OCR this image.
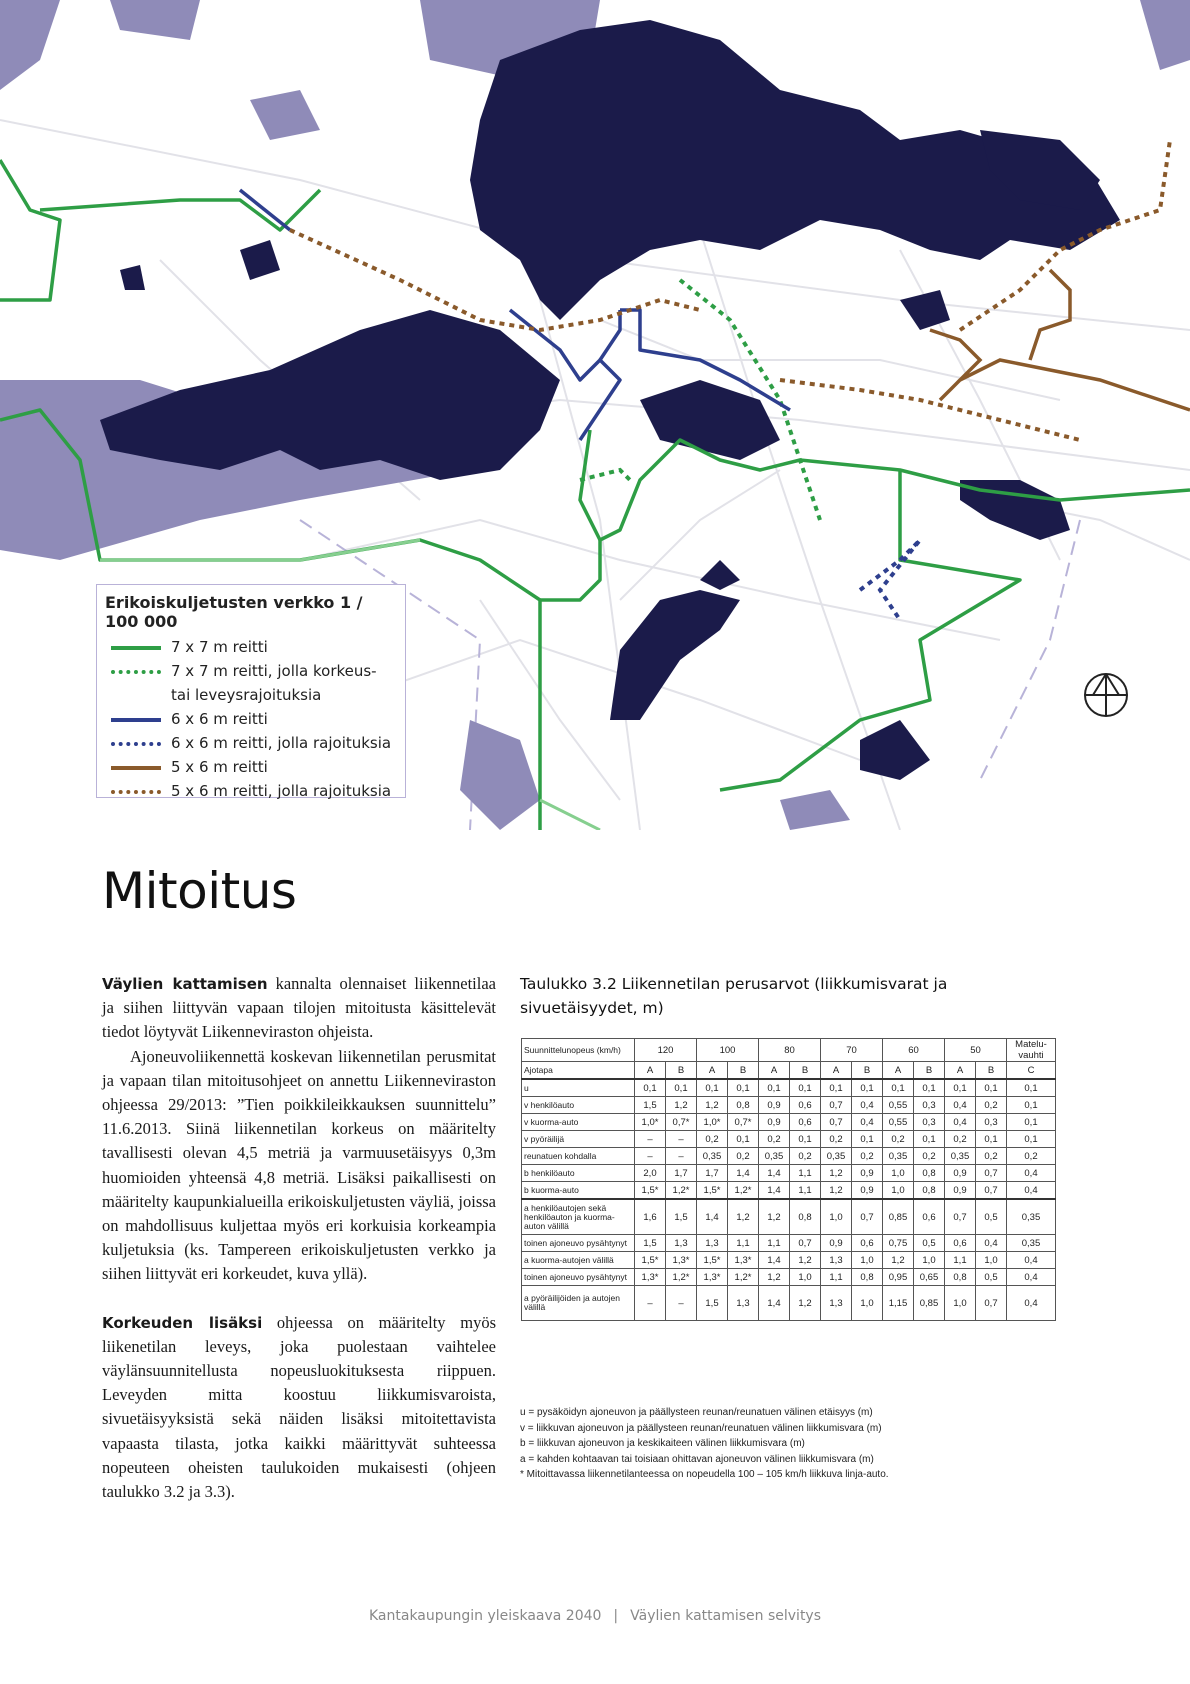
Erikoiskuljetusten verkko 1 / 100 000
7 x 7 m reitti
7 x 7 m reitti, jolla korkeus- tai leveysrajoituksia
6 x 6 m reitti
6 x 6 m reitti, jolla rajoituksia
5 x 6 m reitti
5 x 6 m reitti, jolla rajoituksia
Mitoitus

Väylien kattamisen kannalta olennaiset liikennetilaa ja siihen liittyvän vapaan tilojen mitoitusta käsittelevät tiedot löytyvät Liikenneviraston ohjeista.

Ajoneuvoliikennettä koskevan liikennetilan perusmitat ja vapaan tilan mitoitusohjeet on annettu Liikenneviraston ohjeessa 29/2013: ”Tien poikkileikkauksen suunnittelu” 11.6.2013. Siinä liikennetilan korkeus on määritelty tavallisesti olevan 4,5 metriä ja varmuusetäisyys 0,3m huomioiden yhteensä 4,8 metriä. Lisäksi paikallisesti on määritelty kaupunkialueilla erikoiskuljetusten väyliä, joissa on mahdollisuus kuljettaa myös eri korkuisia korkeampia kuljetuksia (ks. Tampereen erikoiskuljetusten verkko ja siihen liittyvät eri korkeudet, kuva yllä).

Korkeuden lisäksi ohjeessa on määritelty myös liikenetilan leveys, joka puolestaan vaihtelee väylänsuunnitellusta nopeusluokituksesta riippuen. Leveyden mitta koostuu liikkumisvaroista, sivuetäisyyksistä sekä näiden lisäksi mitoitettavista vapaasta tilasta, jotka kaikki määrittyvät suhteessa nopeuteen oheisten taulukoiden mukaisesti (ohjeen taulukko 3.2 ja 3.3).

Taulukko 3.2 Liikennetilan perusarvot (liikkumisvarat ja sivuetäisyydet, m)
Suunnittelunopeus (km/h)	120		100		80		70		60		50		Matelu-vauhti
Ajotapa	A	B	A	B	A	B	A	B	A	B	A	B	C
u	0,1	0,1	0,1	0,1	0,1	0,1	0,1	0,1	0,1	0,1	0,1	0,1	0,1
v henkilöauto	1,5	1,2	1,2	0,8	0,9	0,6	0,7	0,4	0,55	0,3	0,4	0,2	0,1
v kuorma-auto	1,0*	0,7*	1,0*	0,7*	0,9	0,6	0,7	0,4	0,55	0,3	0,4	0,3	0,1
v pyöräilijä	–	–	0,2	0,1	0,2	0,1	0,2	0,1	0,2	0,1	0,2	0,1	0,1
reunatuen kohdalla	–	–	0,35	0,2	0,35	0,2	0,35	0,2	0,35	0,2	0,35	0,2	0,2
b henkilöauto	2,0	1,7	1,7	1,4	1,4	1,1	1,2	0,9	1,0	0,8	0,9	0,7	0,4
b kuorma-auto	1,5*	1,2*	1,5*	1,2*	1,4	1,1	1,2	0,9	1,0	0,8	0,9	0,7	0,4
a henkilöautojen sekä henkilöauton ja kuorma-auton välillä	1,6	1,5	1,4	1,2	1,2	0,8	1,0	0,7	0,85	0,6	0,7	0,5	0,35
toinen ajoneuvo pysähtynyt	1,5	1,3	1,3	1,1	1,1	0,7	0,9	0,6	0,75	0,5	0,6	0,4	0,35
a kuorma-autojen välillä	1,5*	1,3*	1,5*	1,3*	1,4	1,2	1,3	1,0	1,2	1,0	1,1	1,0	0,4
toinen ajoneuvo pysähtynyt	1,3*	1,2*	1,3*	1,2*	1,2	1,0	1,1	0,8	0,95	0,65	0,8	0,5	0,4
a pyöräilijöiden ja autojen välillä	–	–	1,5	1,3	1,4	1,2	1,3	1,0	1,15	0,85	1,0	0,7	0,4
u = pysäköidyn ajoneuvon ja päällysteen reunan/reunatuen välinen etäisyys (m)
v = liikkuvan ajoneuvon ja päällysteen reunan/reunatuen välinen liikkumisvara (m)
b = liikkuvan ajoneuvon ja keskikaiteen välinen liikkumisvara (m)
a = kahden kohtaavan tai toisiaan ohittavan ajoneuvon välinen liikkumisvara (m)
* Mitoittavassa liikennetilanteessa on nopeudella 100 – 105 km/h liikkuva linja-auto.
Kantakaupungin yleiskaava 2040 | Väylien kattamisen selvitys
